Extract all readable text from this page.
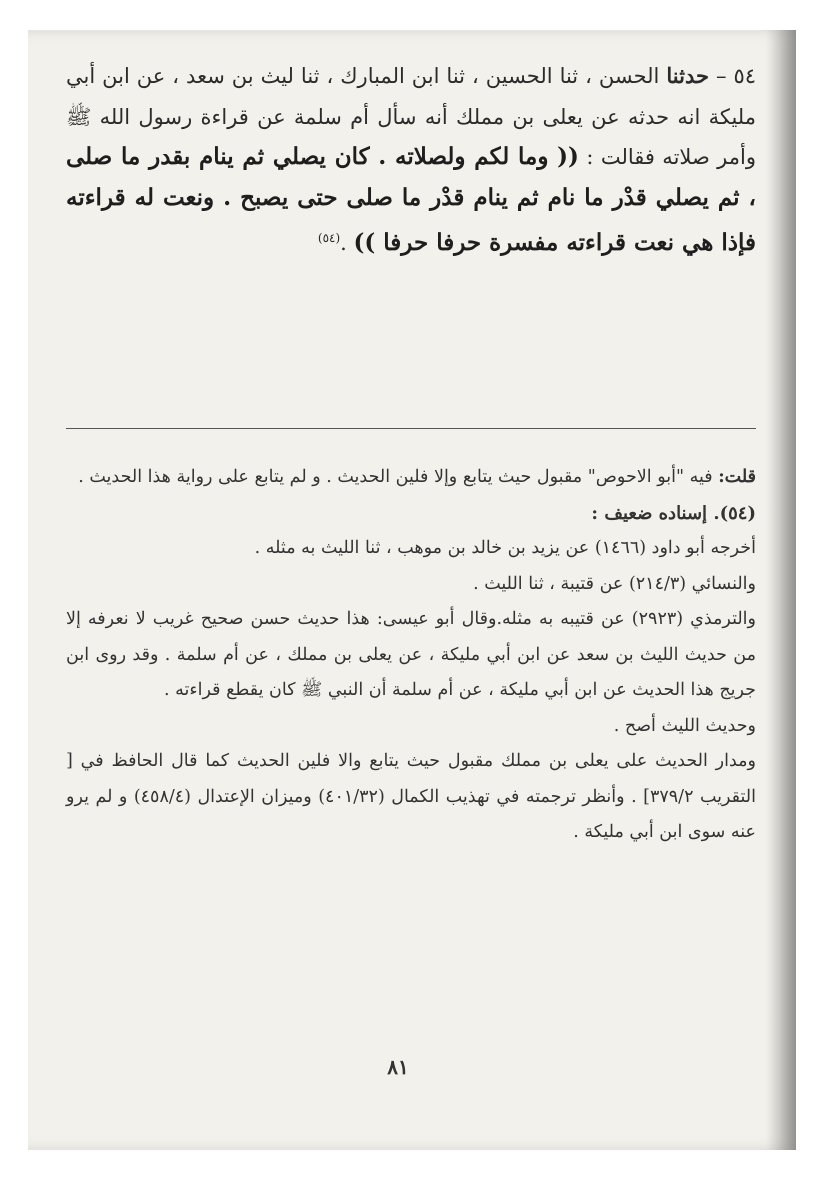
٥٤ – حدثنا الحسن ، ثنا الحسين ، ثنا ابن المبارك ، ثنا ليث بن سعد ، عن ابن أبي مليكة انه حدثه عن يعلى بن مملك أنه سأل أم سلمة عن قراءة رسول الله ﷺ وأمر صلاته فقالت : (( وما لكم ولصلاته . كان يصلي ثم ينام بقدر ما صلى ، ثم يصلي قدْر ما نام ثم ينام قدْر ما صلى حتى يصبح . ونعت له قراءته فإذا هي نعت قراءته مفسرة حرفا حرفا )) .$^{(٥٤)}$

قلت: فيه "أبو الاحوص" مقبول حيث يتابع وإلا فلين الحديث . و لم يتابع على رواية هذا الحديث .

(٥٤). إسناده ضعيف :

أخرجه أبو داود (١٤٦٦) عن يزيد بن خالد بن موهب ، ثنا الليث به مثله .

والنسائي (٢١٤/٣) عن قتيبة ، ثنا الليث .

والترمذي (٢٩٢٣) عن قتيبه به مثله.وقال أبو عيسى: هذا حديث حسن صحيح غريب لا نعرفه إلا من حديث الليث بن سعد عن ابن أبي مليكة ، عن يعلى بن مملك ، عن أم سلمة . وقد روى ابن جريج هذا الحديث عن ابن أبي مليكة ، عن أم سلمة أن النبي ﷺ كان يقطع قراءته .

وحديث الليث أصح .

ومدار الحديث على يعلى بن مملك مقبول حيث يتابع والا فلين الحديث كما قال الحافظ في [ التقريب ٣٧٩/٢] . وأنظر ترجمته في تهذيب الكمال (٤٠١/٣٢) وميزان الإعتدال (٤٥٨/٤) و لم يرو عنه سوى ابن أبي مليكة .

٨١
